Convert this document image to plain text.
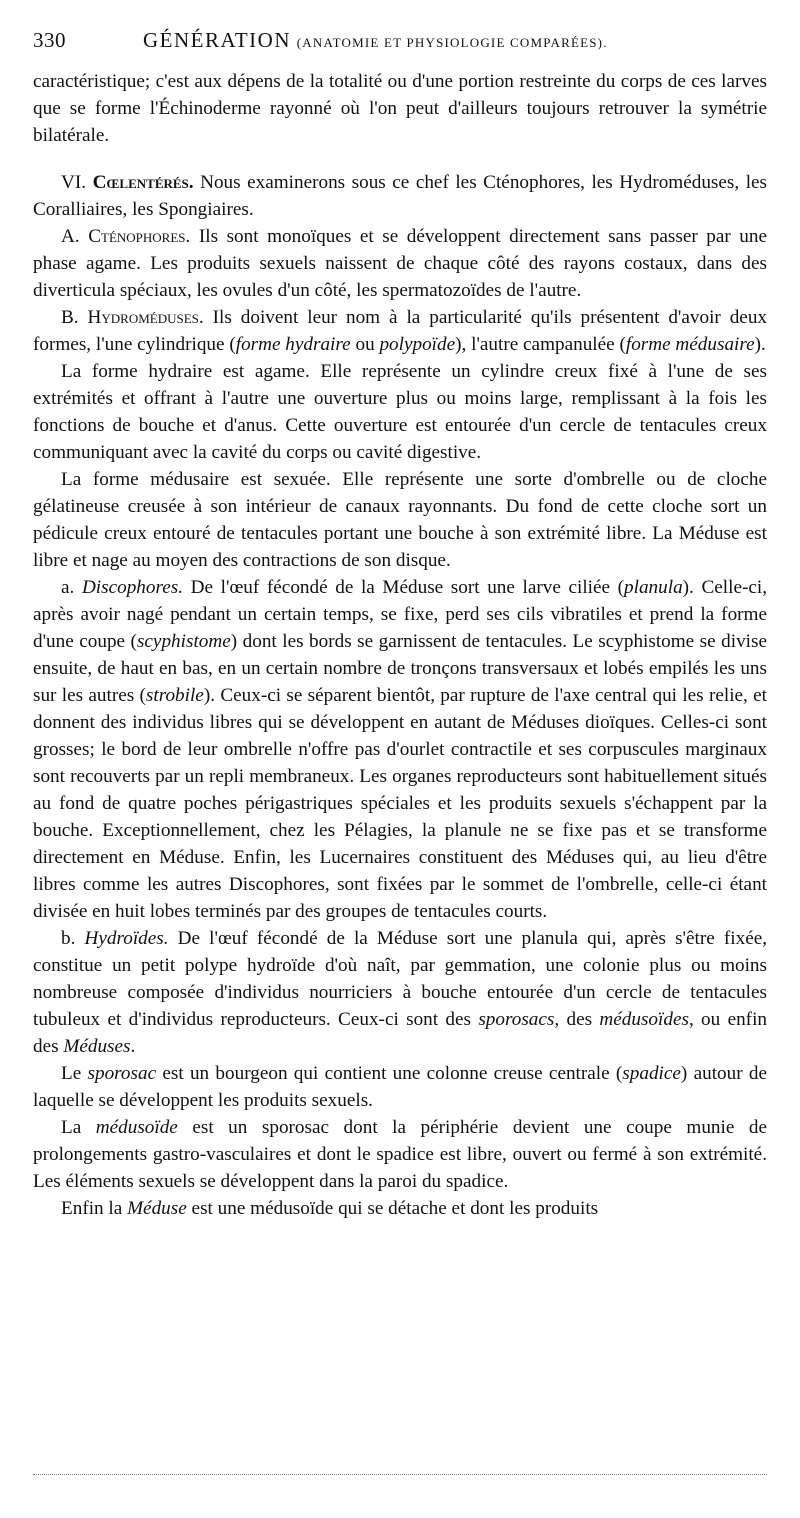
330	GÉNÉRATION (ANATOMIE ET PHYSIOLOGIE COMPARÉES).

caractéristique; c'est aux dépens de la totalité ou d'une portion restreinte du corps de ces larves que se forme l'Échinoderme rayonné où l'on peut d'ailleurs toujours retrouver la symétrie bilatérale.

VI. Cœlentérés. Nous examinerons sous ce chef les Cténophores, les Hydroméduses, les Coralliaires, les Spongiaires.

A. Cténophores. Ils sont monoïques et se développent directement sans passer par une phase agame. Les produits sexuels naissent de chaque côté des rayons costaux, dans des diverticula spéciaux, les ovules d'un côté, les spermatozoïdes de l'autre.

B. Hydroméduses. Ils doivent leur nom à la particularité qu'ils présentent d'avoir deux formes, l'une cylindrique (forme hydraire ou polypoïde), l'autre campanulée (forme médusaire).

La forme hydraire est agame. Elle représente un cylindre creux fixé à l'une de ses extrémités et offrant à l'autre une ouverture plus ou moins large, remplissant à la fois les fonctions de bouche et d'anus. Cette ouverture est entourée d'un cercle de tentacules creux communiquant avec la cavité du corps ou cavité digestive.

La forme médusaire est sexuée. Elle représente une sorte d'ombrelle ou de cloche gélatineuse creusée à son intérieur de canaux rayonnants. Du fond de cette cloche sort un pédicule creux entouré de tentacules portant une bouche à son extrémité libre. La Méduse est libre et nage au moyen des contractions de son disque.

a. Discophores. De l'œuf fécondé de la Méduse sort une larve ciliée (planula). Celle-ci, après avoir nagé pendant un certain temps, se fixe, perd ses cils vibratiles et prend la forme d'une coupe (scyphistome) dont les bords se garnissent de tentacules. Le scyphistome se divise ensuite, de haut en bas, en un certain nombre de tronçons transversaux et lobés empilés les uns sur les autres (strobile). Ceux-ci se séparent bientôt, par rupture de l'axe central qui les relie, et donnent des individus libres qui se développent en autant de Méduses dioïques. Celles-ci sont grosses; le bord de leur ombrelle n'offre pas d'ourlet contractile et ses corpuscules marginaux sont recouverts par un repli membraneux. Les organes reproducteurs sont habituellement situés au fond de quatre poches périgastriques spéciales et les produits sexuels s'échappent par la bouche. Exceptionnellement, chez les Pélagies, la planule ne se fixe pas et se transforme directement en Méduse. Enfin, les Lucernaires constituent des Méduses qui, au lieu d'être libres comme les autres Discophores, sont fixées par le sommet de l'ombrelle, celle-ci étant divisée en huit lobes terminés par des groupes de tentacules courts.

b. Hydroïdes. De l'œuf fécondé de la Méduse sort une planula qui, après s'être fixée, constitue un petit polype hydroïde d'où naît, par gemmation, une colonie plus ou moins nombreuse composée d'individus nourriciers à bouche entourée d'un cercle de tentacules tubuleux et d'individus reproducteurs. Ceux-ci sont des sporosacs, des médusoïdes, ou enfin des Méduses.

Le sporosac est un bourgeon qui contient une colonne creuse centrale (spadice) autour de laquelle se développent les produits sexuels.

La médusoïde est un sporosac dont la périphérie devient une coupe munie de prolongements gastro-vasculaires et dont le spadice est libre, ouvert ou fermé à son extrémité. Les éléments sexuels se développent dans la paroi du spadice.

Enfin la Méduse est une médusoïde qui se détache et dont les produits
